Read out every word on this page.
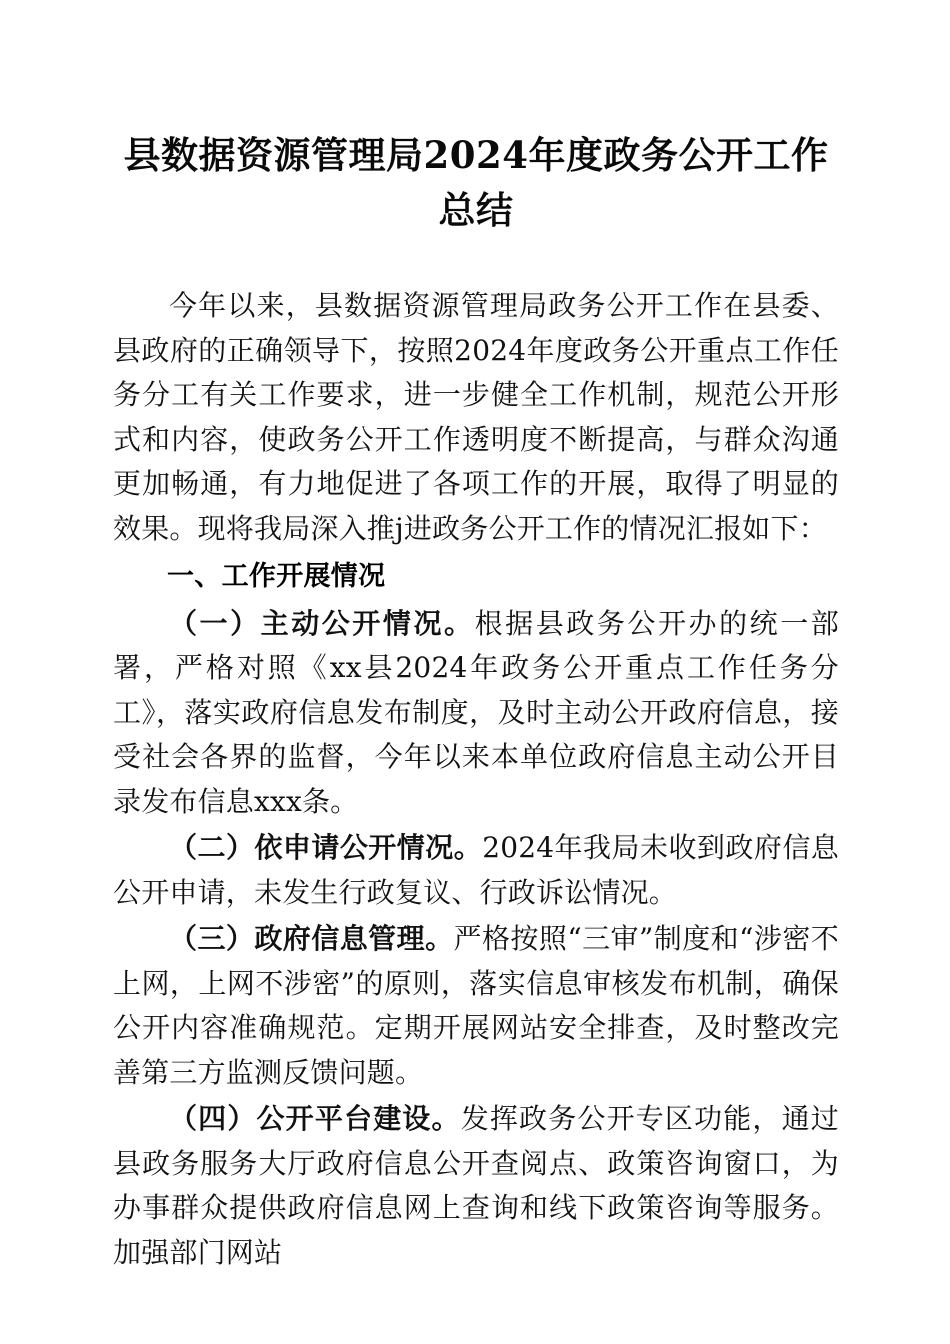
县数据资源管理局2024年度政务公开工作总结

今年以来，县数据资源管理局政务公开工作在县委、县政府的正确领导下，按照2024年度政务公开重点工作任务分工有关工作要求，进一步健全工作机制，规范公开形式和内容，使政务公开工作透明度不断提高，与群众沟通更加畅通，有力地促进了各项工作的开展，取得了明显的效果。现将我局深入推j进政务公开工作的情况汇报如下：

一、工作开展情况

（一）主动公开情况。根据县政务公开办的统一部署，严格对照《xx县2024年政务公开重点工作任务分工》，落实政府信息发布制度，及时主动公开政府信息，接受社会各界的监督，今年以来本单位政府信息主动公开目录发布信息xxx条。

（二）依申请公开情况。2024年我局未收到政府信息公开申请，未发生行政复议、行政诉讼情况。

（三）政府信息管理。严格按照“三审”制度和“涉密不上网，上网不涉密”的原则，落实信息审核发布机制，确保公开内容准确规范。定期开展网站安全排查，及时整改完善第三方监测反馈问题。

（四）公开平台建设。发挥政务公开专区功能，通过县政务服务大厅政府信息公开查阅点、政策咨询窗口，为办事群众提供政府信息网上查询和线下政策咨询等服务。加强部门网站
